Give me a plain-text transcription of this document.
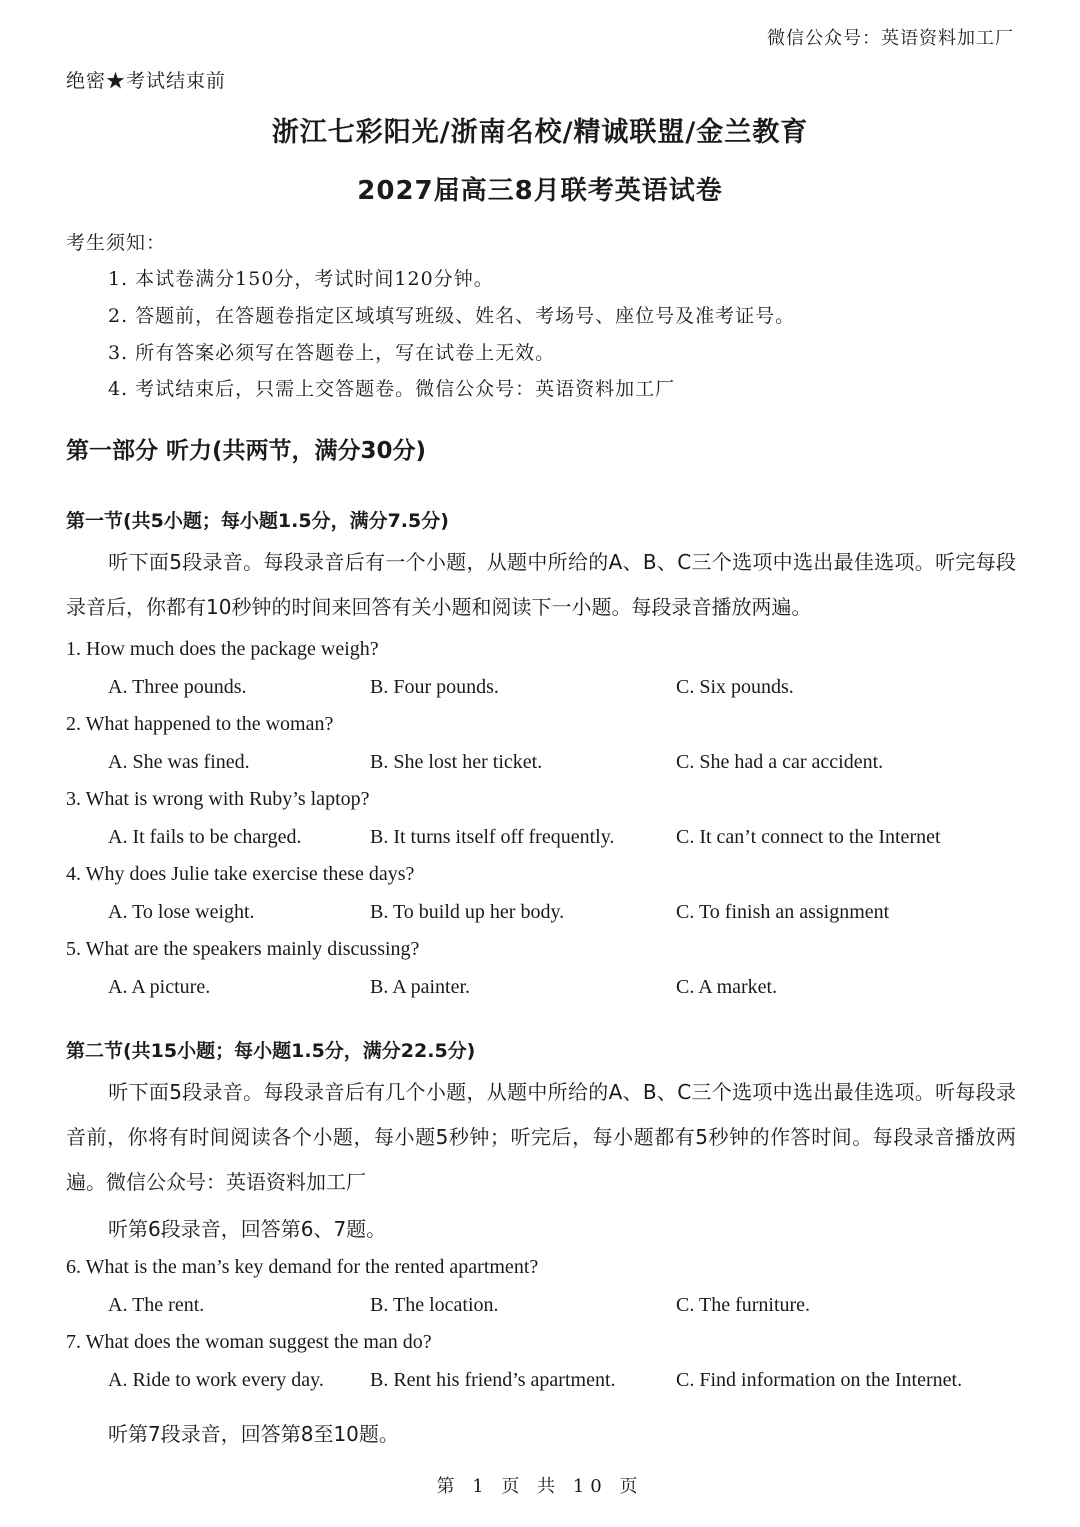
微信公众号：英语资料加工厂
绝密★考试结束前
浙江七彩阳光/浙南名校/精诚联盟/金兰教育
2027届高三8月联考英语试卷
考生须知：
1. 本试卷满分150分，考试时间120分钟。
2. 答题前，在答题卷指定区域填写班级、姓名、考场号、座位号及准考证号。
3. 所有答案必须写在答题卷上，写在试卷上无效。
4. 考试结束后，只需上交答题卷。微信公众号：英语资料加工厂
第一部分 听力(共两节，满分30分)
第一节(共5小题；每小题1.5分，满分7.5分)
听下面5段录音。每段录音后有一个小题，从题中所给的A、B、C三个选项中选出最佳选项。听完每段录音后，你都有10秒钟的时间来回答有关小题和阅读下一小题。每段录音播放两遍。
1. How much does the package weigh?
A. Three pounds.	B. Four pounds.	C. Six pounds.
2. What happened to the woman?
A. She was fined.	B. She lost her ticket.	C. She had a car accident.
3. What is wrong with Ruby’s laptop?
A. It fails to be charged.	B. It turns itself off frequently.	C. It can’t connect to the Internet
4. Why does Julie take exercise these days?
A. To lose weight.	B. To build up her body.	C. To finish an assignment
5. What are the speakers mainly discussing?
A. A picture.	B. A painter.	C. A market.
第二节(共15小题；每小题1.5分，满分22.5分)
听下面5段录音。每段录音后有几个小题，从题中所给的A、B、C三个选项中选出最佳选项。听每段录音前，你将有时间阅读各个小题，每小题5秒钟；听完后，每小题都有5秒钟的作答时间。每段录音播放两遍。微信公众号：英语资料加工厂
听第6段录音，回答第6、7题。
6. What is the man’s key demand for the rented apartment?
A. The rent.	B. The location.	C. The furniture.
7. What does the woman suggest the man do?
A. Ride to work every day. B. Rent his friend’s apartment.	C. Find information on the Internet.
听第7段录音，回答第8至10题。
第 1 页 共 10 页
